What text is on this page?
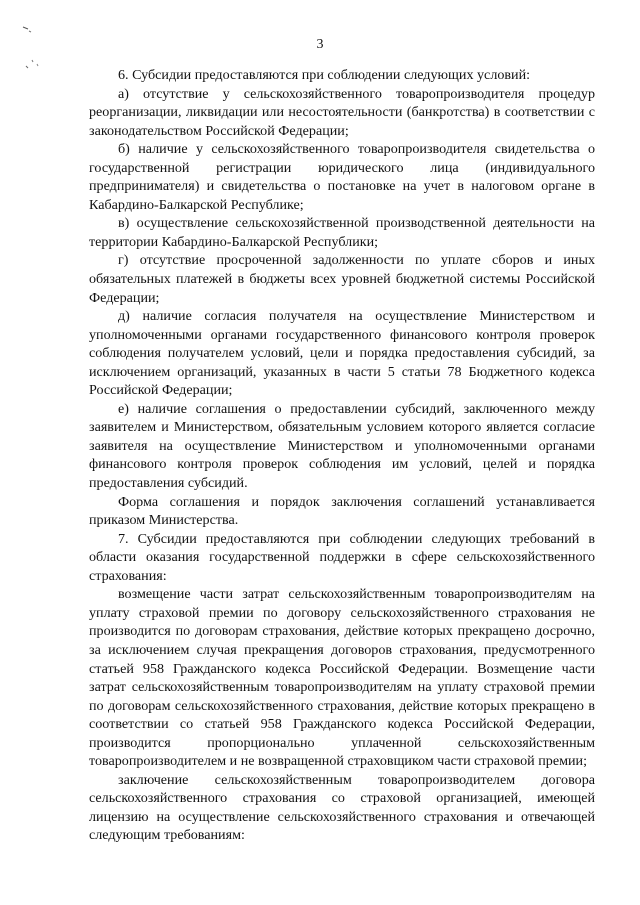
3

6. Субсидии предоставляются при соблюдении следующих условий:

а) отсутствие у сельскохозяйственного товаропроизводителя процедур реорганизации, ликвидации или несостоятельности (банкротства) в соответствии с законодательством Российской Федерации;

б) наличие у сельскохозяйственного товаропроизводителя свидетельства о государственной регистрации юридического лица (индивидуального предпринимателя) и свидетельства о постановке на учет в налоговом органе в Кабардино-Балкарской Республике;

в) осуществление сельскохозяйственной производственной деятельности на территории Кабардино-Балкарской Республики;

г) отсутствие просроченной задолженности по уплате сборов и иных обязательных платежей в бюджеты всех уровней бюджетной системы Российской Федерации;

д) наличие согласия получателя на осуществление Министерством и уполномоченными органами государственного финансового контроля проверок соблюдения получателем условий, цели и порядка предоставления субсидий, за исключением организаций, указанных в части 5 статьи 78 Бюджетного кодекса Российской Федерации;

е) наличие соглашения о предоставлении субсидий, заключенного между заявителем и Министерством, обязательным условием которого является согласие заявителя на осуществление Министерством и уполномоченными органами финансового контроля проверок соблюдения им условий, целей и порядка предоставления субсидий.

Форма соглашения и порядок заключения соглашений устанавливается приказом Министерства.

7. Субсидии предоставляются при соблюдении следующих требований в области оказания государственной поддержки в сфере сельскохозяйственного страхования:

возмещение части затрат сельскохозяйственным товаропроизводителям на уплату страховой премии по договору сельскохозяйственного страхования не производится по договорам страхования, действие которых прекращено досрочно, за исключением случая прекращения договоров страхования, предусмотренного статьей 958 Гражданского кодекса Российской Федерации. Возмещение части затрат сельскохозяйственным товаропроизводителям на уплату страховой премии по договорам сельскохозяйственного страхования, действие которых прекращено в соответствии со статьей 958 Гражданского кодекса Российской Федерации, производится пропорционально уплаченной сельскохозяйственным товаропроизводителем и не возвращенной страховщиком части страховой премии;

заключение сельскохозяйственным товаропроизводителем договора сельскохозяйственного страхования со страховой организацией, имеющей лицензию на осуществление сельскохозяйственного страхования и отвечающей следующим требованиям:
